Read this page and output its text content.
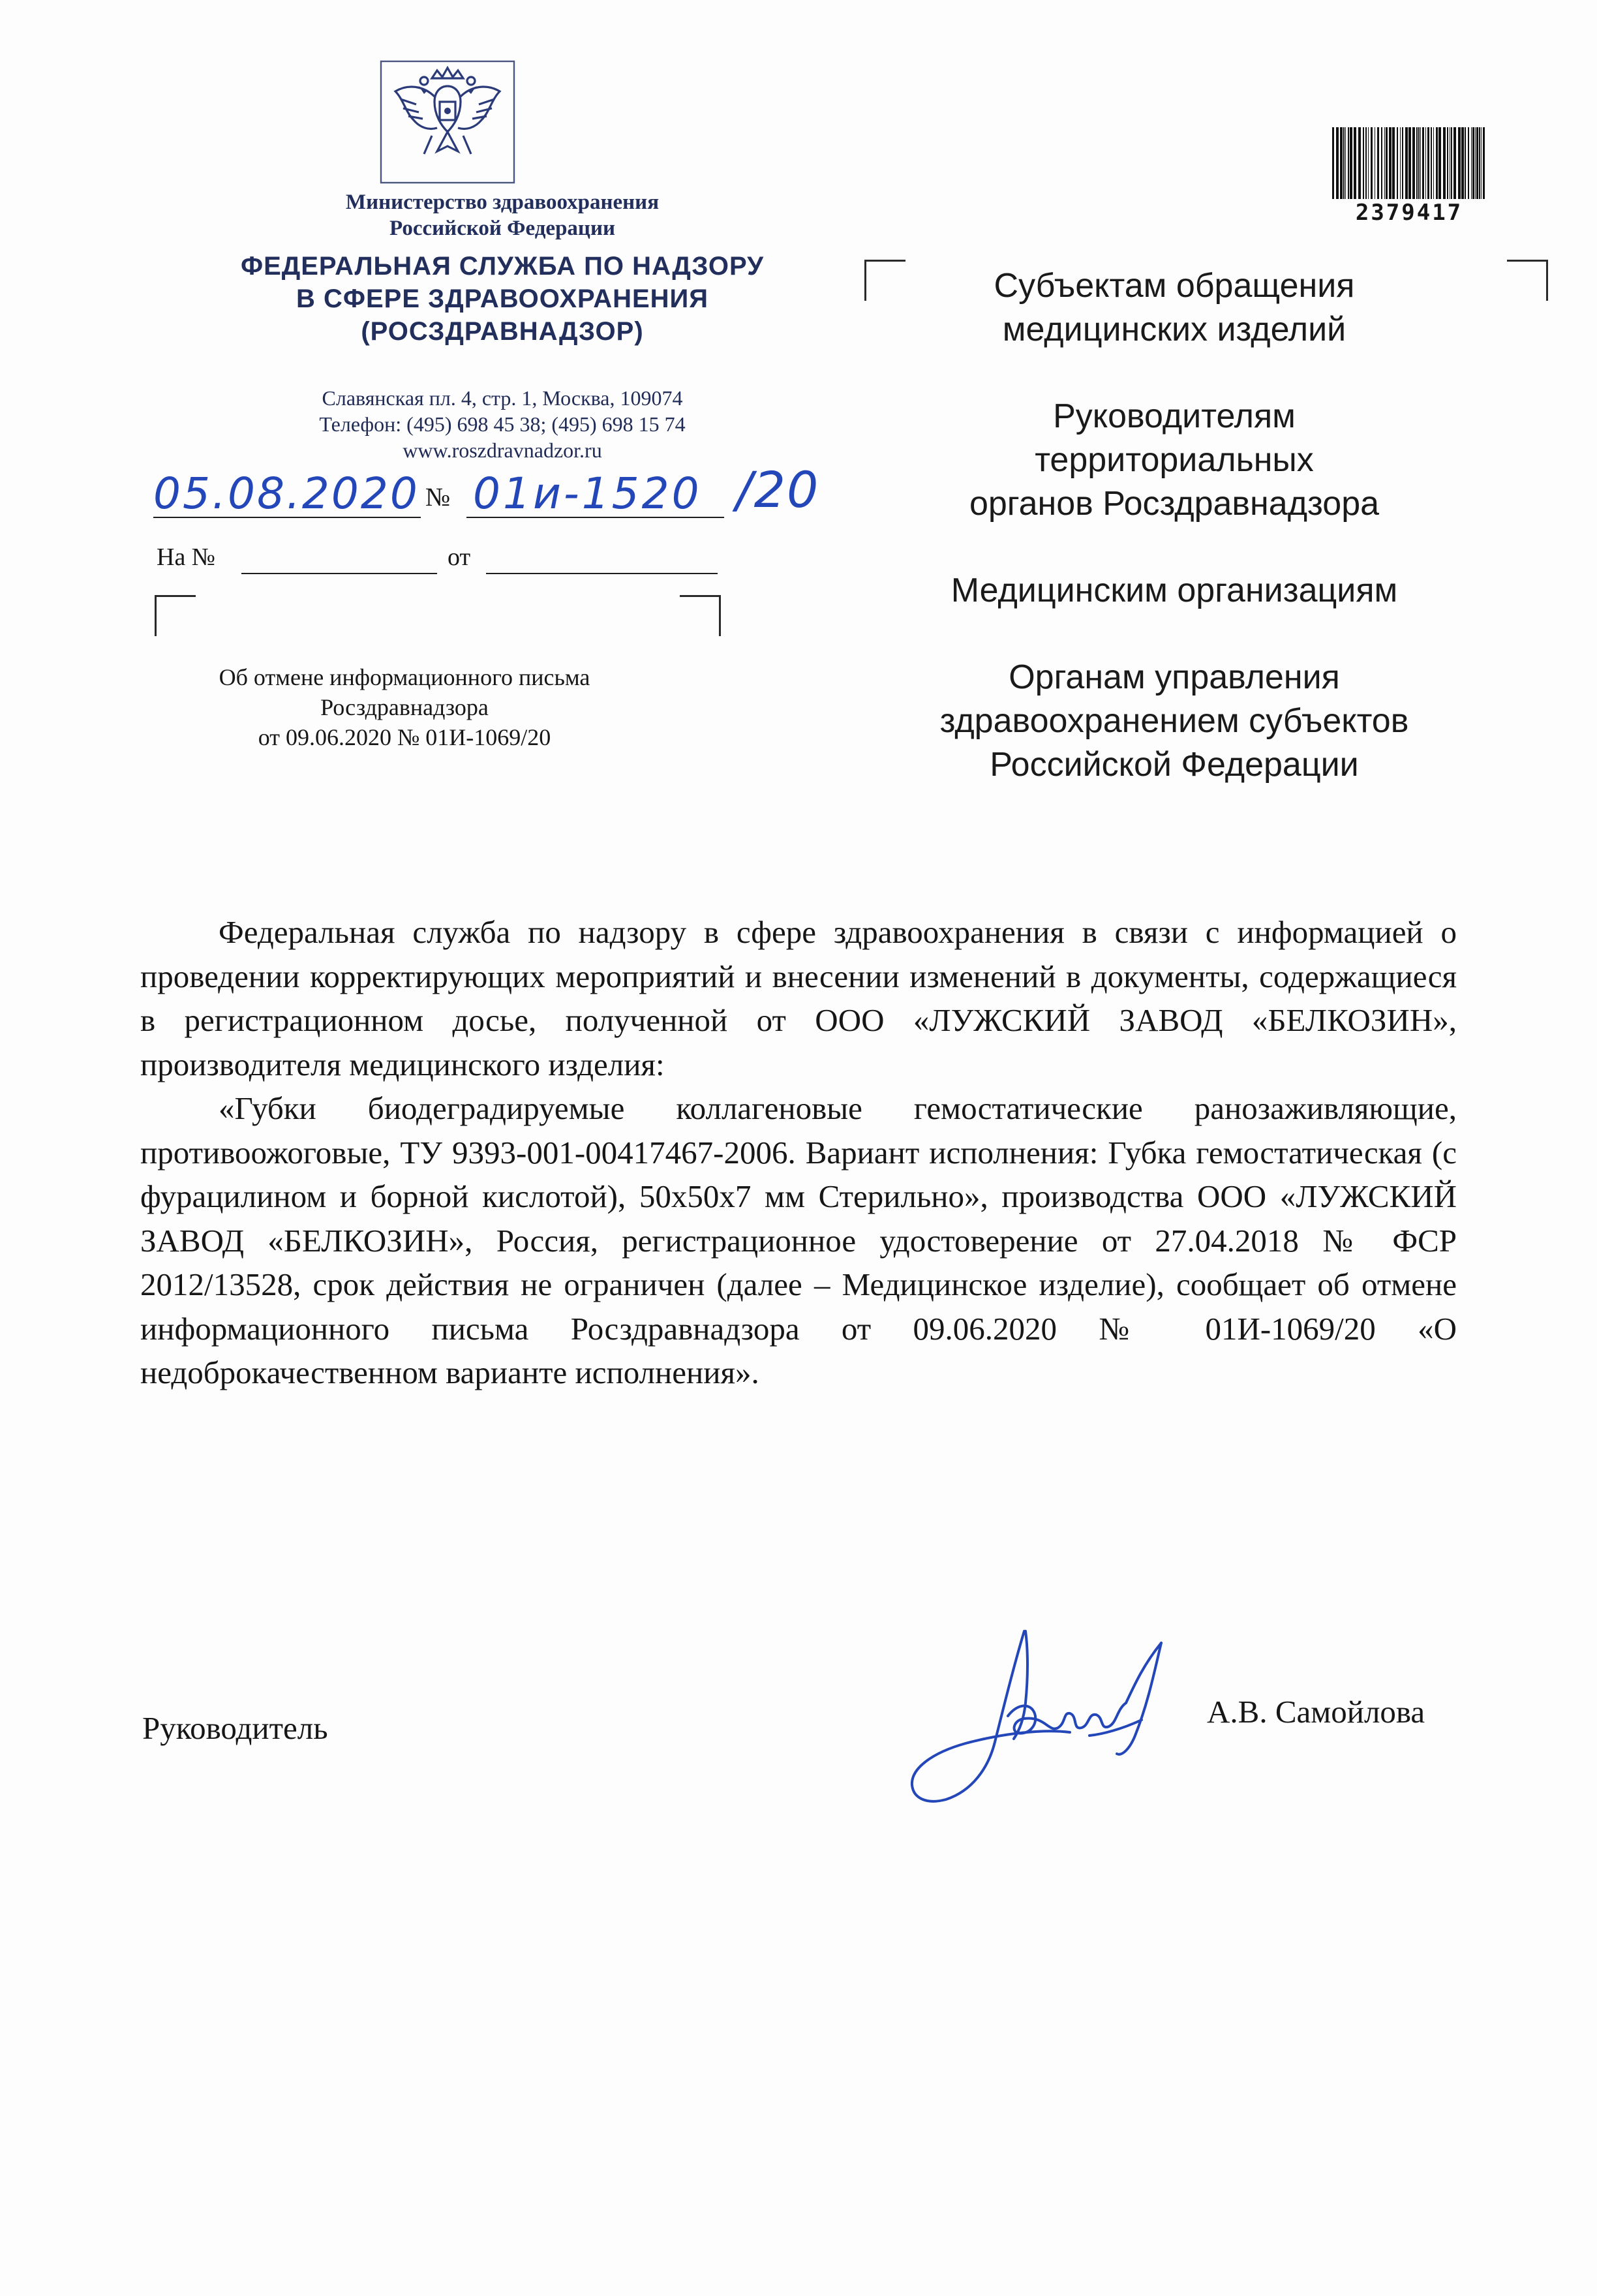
Министерство здравоохранения
Российской Федерации
ФЕДЕРАЛЬНАЯ СЛУЖБА ПО НАДЗОРУ
В СФЕРЕ ЗДРАВООХРАНЕНИЯ
(РОСЗДРАВНАДЗОР)
Славянская пл. 4, стр. 1, Москва, 109074
Телефон: (495) 698 45 38; (495) 698 15 74
www.roszdravnadzor.ru
05.08.2020 № 01и-1520 /20
На №	от
Об отмене информационного письма
Росздравнадзора
от 09.06.2020 № 01И-1069/20
2379417
Субъектам обращения
медицинских изделий
Руководителям
территориальных
органов Росздравнадзора
Медицинским организациям
Органам управления
здравоохранением субъектов
Российской Федерации

Федеральная служба по надзору в сфере здравоохранения в связи с информацией о проведении корректирующих мероприятий и внесении изменений в документы, содержащиеся в регистрационном досье, полученной от ООО «ЛУЖСКИЙ ЗАВОД «БЕЛКОЗИН», производителя медицинского изделия:

«Губки биодеградируемые коллагеновые гемостатические ранозаживляющие, противоожоговые, ТУ 9393-001-00417467-2006. Вариант исполнения: Губка гемостатическая (с фурацилином и борной кислотой), 50х50х7 мм Стерильно», производства ООО «ЛУЖСКИЙ ЗАВОД «БЕЛКОЗИН», Россия, регистрационное удостоверение от 27.04.2018 № ФСР 2012/13528, срок действия не ограничен (далее – Медицинское изделие), сообщает об отмене информационного письма Росздравнадзора от 09.06.2020 № 01И-1069/20 «О недоброкачественном варианте исполнения».

Руководитель	А.В. Самойлова
